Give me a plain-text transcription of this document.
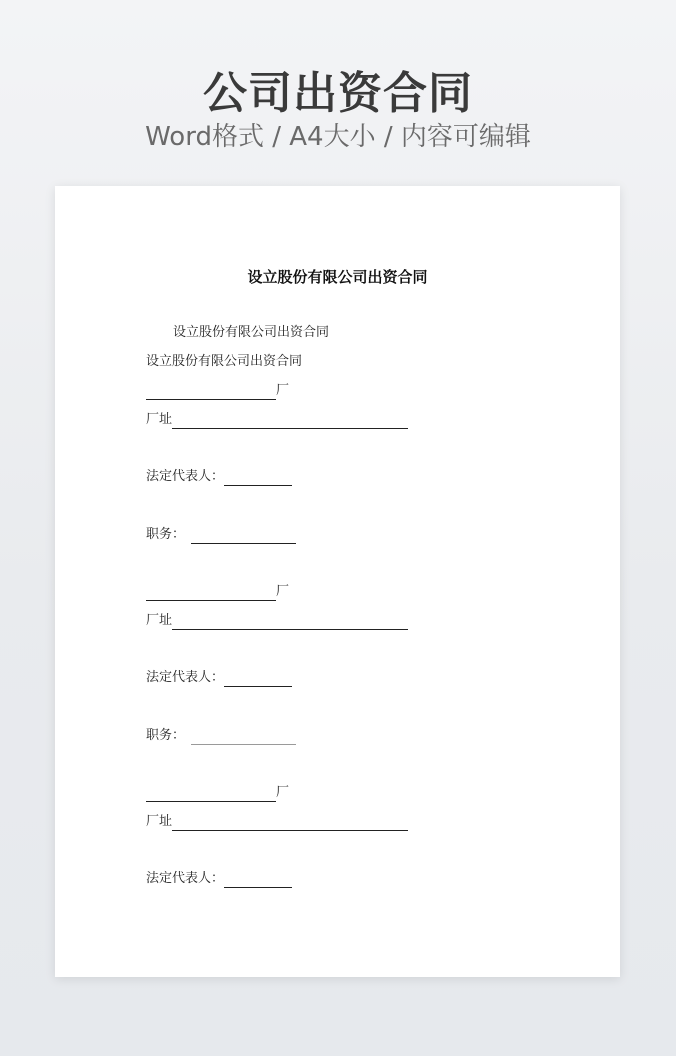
公司出资合同
Word格式 / A4大小 / 内容可编辑
设立股份有限公司出资合同
设立股份有限公司出资合同
设立股份有限公司出资合同
厂
厂址
法定代表人：
职务：
厂
厂址
法定代表人：
职务：
厂
厂址
法定代表人：
